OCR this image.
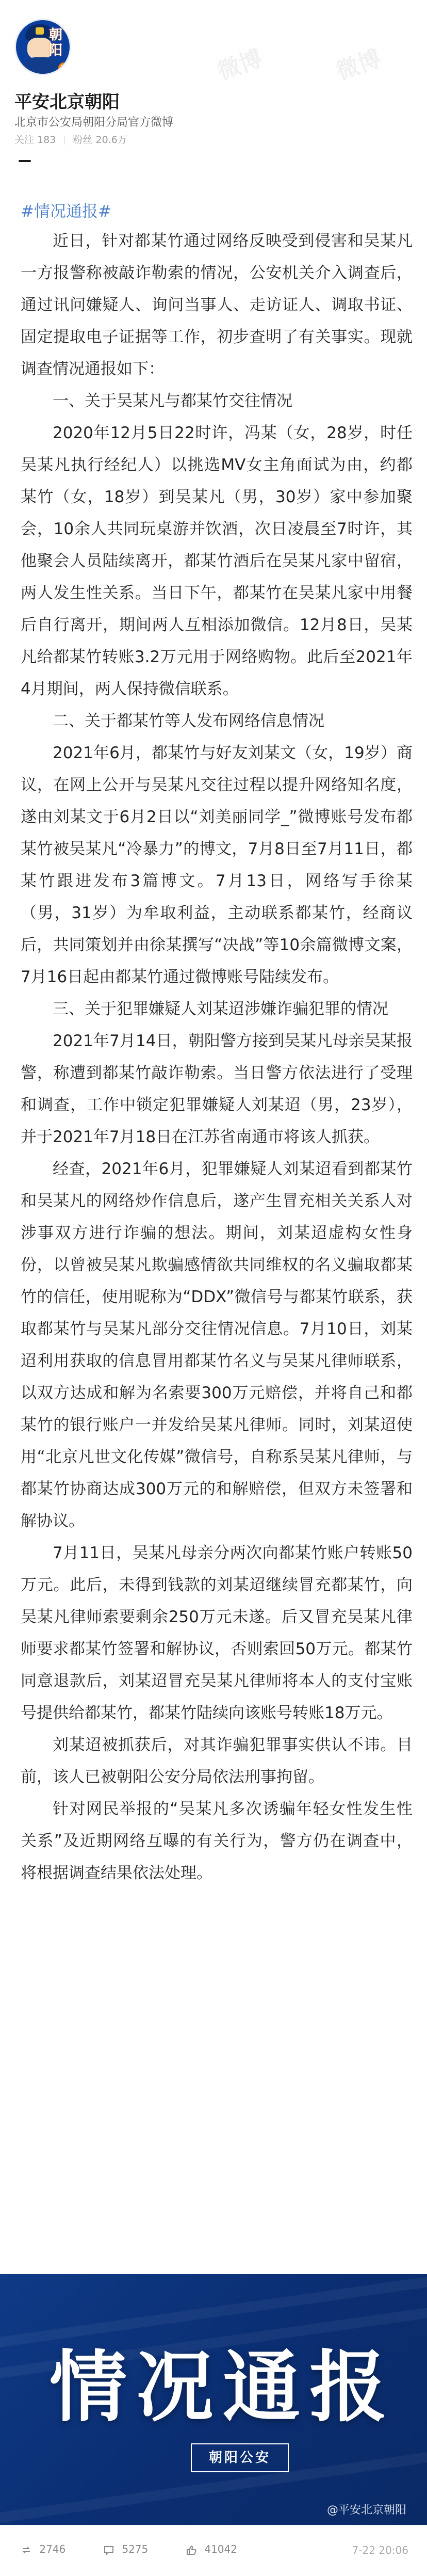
朝阳
V
平安北京朝阳
北京市公安局朝阳分局官方微博
关注 183 粉丝 20.6万
#情况通报#

近日，针对都某竹通过网络反映受到侵害和吴某凡一方报警称被敲诈勒索的情况，公安机关介入调查后，通过讯问嫌疑人、询问当事人、走访证人、调取书证、固定提取电子证据等工作，初步查明了有关事实。现就调查情况通报如下：

一、关于吴某凡与都某竹交往情况

2020年12月5日22时许，冯某（女，28岁，时任吴某凡执行经纪人）以挑选MV女主角面试为由，约都某竹（女，18岁）到吴某凡（男，30岁）家中参加聚会，10余人共同玩桌游并饮酒，次日凌晨至7时许，其他聚会人员陆续离开，都某竹酒后在吴某凡家中留宿，两人发生性关系。当日下午，都某竹在吴某凡家中用餐后自行离开，期间两人互相添加微信。12月8日，吴某凡给都某竹转账3.2万元用于网络购物。此后至2021年4月期间，两人保持微信联系。

二、关于都某竹等人发布网络信息情况

2021年6月，都某竹与好友刘某文（女，19岁）商议，在网上公开与吴某凡交往过程以提升网络知名度，遂由刘某文于6月2日以“刘美丽同学_”微博账号发布都某竹被吴某凡“冷暴力”的博文，7月8日至7月11日，都某竹跟进发布3篇博文。7月13日，网络写手徐某（男，31岁）为牟取利益，主动联系都某竹，经商议后，共同策划并由徐某撰写“决战”等10余篇微博文案，7月16日起由都某竹通过微博账号陆续发布。

三、关于犯罪嫌疑人刘某迢涉嫌诈骗犯罪的情况

2021年7月14日，朝阳警方接到吴某凡母亲吴某报警，称遭到都某竹敲诈勒索。当日警方依法进行了受理和调查，工作中锁定犯罪嫌疑人刘某迢（男，23岁），并于2021年7月18日在江苏省南通市将该人抓获。

经查，2021年6月，犯罪嫌疑人刘某迢看到都某竹和吴某凡的网络炒作信息后，遂产生冒充相关关系人对涉事双方进行诈骗的想法。期间，刘某迢虚构女性身份，以曾被吴某凡欺骗感情欲共同维权的名义骗取都某竹的信任，使用昵称为“DDX”微信号与都某竹联系，获取都某竹与吴某凡部分交往情况信息。7月10日，刘某迢利用获取的信息冒用都某竹名义与吴某凡律师联系，以双方达成和解为名索要300万元赔偿，并将自己和都某竹的银行账户一并发给吴某凡律师。同时，刘某迢使用“北京凡世文化传媒”微信号，自称系吴某凡律师，与都某竹协商达成300万元的和解赔偿，但双方未签署和解协议。

7月11日，吴某凡母亲分两次向都某竹账户转账50万元。此后，未得到钱款的刘某迢继续冒充都某竹，向吴某凡律师索要剩余250万元未遂。后又冒充吴某凡律师要求都某竹签署和解协议，否则索回50万元。都某竹同意退款后，刘某迢冒充吴某凡律师将本人的支付宝账号提供给都某竹，都某竹陆续向该账号转账18万元。

刘某迢被抓获后，对其诈骗犯罪事实供认不讳。目前，该人已被朝阳公安分局依法刑事拘留。

针对网民举报的“吴某凡多次诱骗年轻女性发生性关系”及近期网络互曝的有关行为，警方仍在调查中，将根据调查结果依法处理。

情况通报
朝阳公安
@平安北京朝阳
2746	5275	41042	7-22 20:06
